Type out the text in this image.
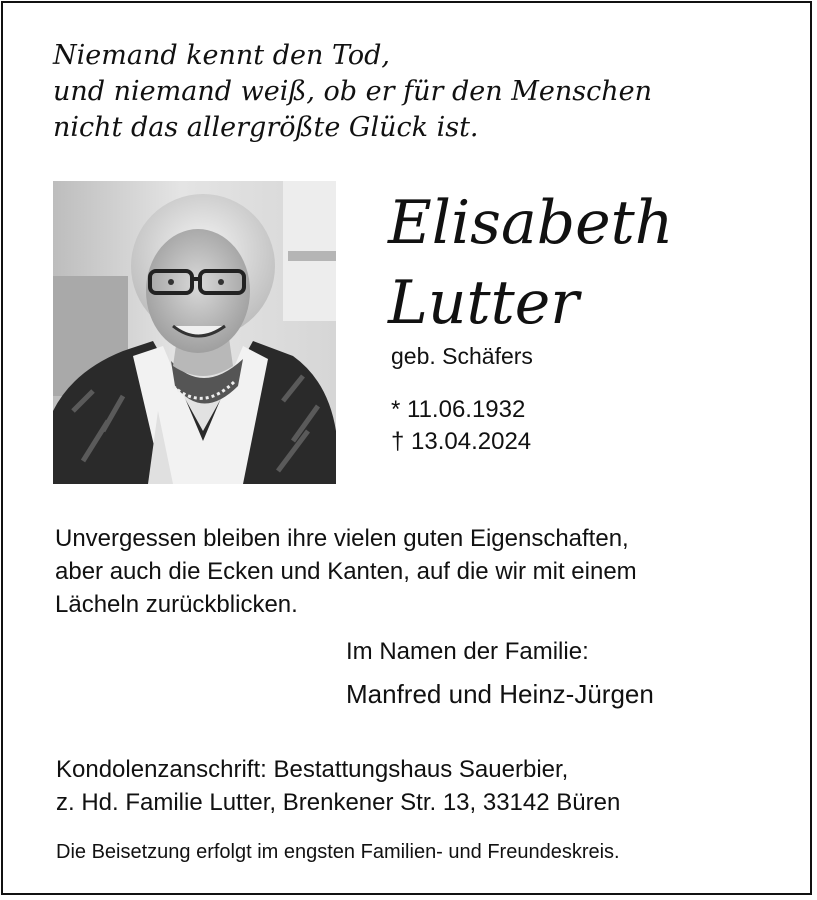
Niemand kennt den Tod,
und niemand weiß, ob er für den Menschen
nicht das allergrößte Glück ist.
Elisabeth
Lutter
geb. Schäfers
* 11.06.1932
† 13.04.2024
Unvergessen bleiben ihre vielen guten Eigenschaften,
aber auch die Ecken und Kanten, auf die wir mit einem
Lächeln zurückblicken.
Im Namen der Familie:
Manfred und Heinz-Jürgen
Kondolenzanschrift: Bestattungshaus Sauerbier,
z. Hd. Familie Lutter, Brenkener Str. 13, 33142 Büren
Die Beisetzung erfolgt im engsten Familien- und Freundeskreis.
